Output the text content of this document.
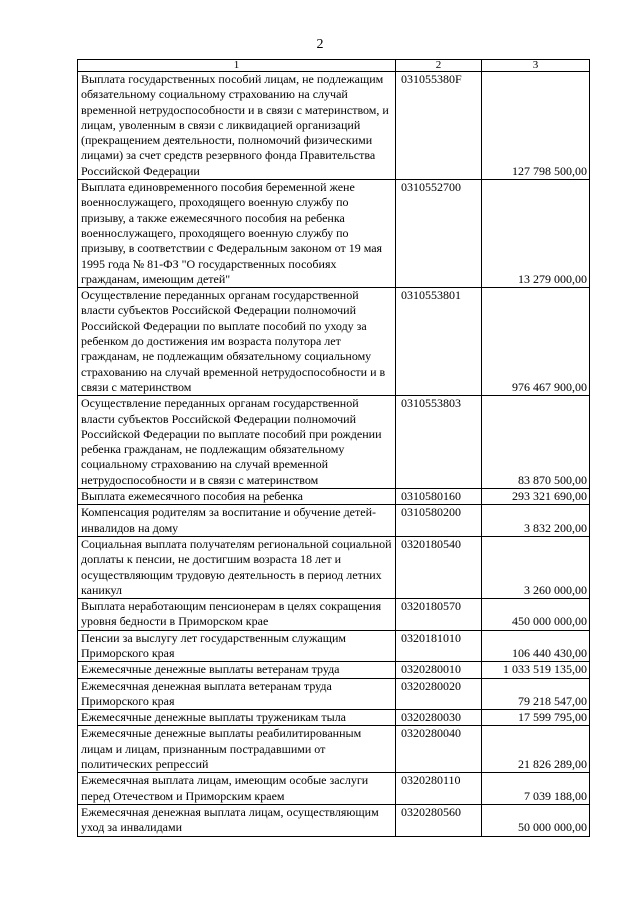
2
1	2	3
Выплата государственных пособий лицам, не подлежащим обязательному социальному страхованию на случай временной нетрудоспособности и в связи с материнством, и лицам, уволенным в связи с ликвидацией организаций (прекращением деятельности, полномочий физическими лицами) за счет средств резервного фонда Правительства Российской Федерации	031055380F	127 798 500,00
Выплата единовременного пособия беременной жене военнослужащего, проходящего военную службу по призыву, а также ежемесячного пособия на ребенка военнослужащего, проходящего военную службу по призыву, в соответствии с Федеральным законом от 19 мая 1995 года № 81-ФЗ "О государственных пособиях гражданам, имеющим детей"	0310552700	13 279 000,00
Осуществление переданных органам государственной власти субъектов Российской Федерации полномочий Российской Федерации по выплате пособий по уходу за ребенком до достижения им возраста полутора лет гражданам, не подлежащим обязательному социальному страхованию на случай временной нетрудоспособности и в связи с материнством	0310553801	976 467 900,00
Осуществление переданных органам государственной власти субъектов Российской Федерации полномочий Российской Федерации по выплате пособий при рождении ребенка гражданам, не подлежащим обязательному социальному страхованию на случай временной нетрудоспособности и в связи с материнством	0310553803	83 870 500,00
Выплата ежемесячного пособия на ребенка	0310580160	293 321 690,00
Компенсация родителям за воспитание и обучение детей-инвалидов на дому	0310580200	3 832 200,00
Социальная выплата получателям региональной социальной доплаты к пенсии, не достигшим возраста 18 лет и осуществляющим трудовую деятельность в период летних каникул	0320180540	3 260 000,00
Выплата неработающим пенсионерам в целях сокращения уровня бедности в Приморском крае	0320180570	450 000 000,00
Пенсии за выслугу лет государственным служащим Приморского края	0320181010	106 440 430,00
Ежемесячные денежные выплаты ветеранам труда	0320280010	1 033 519 135,00
Ежемесячная денежная выплата ветеранам труда Приморского края	0320280020	79 218 547,00
Ежемесячные денежные выплаты труженикам тыла	0320280030	17 599 795,00
Ежемесячные денежные выплаты реабилитированным лицам и лицам, признанным пострадавшими от политических репрессий	0320280040	21 826 289,00
Ежемесячная выплата лицам, имеющим особые заслуги перед Отечеством и Приморским краем	0320280110	7 039 188,00
Ежемесячная денежная выплата лицам, осуществляющим уход за инвалидами	0320280560	50 000 000,00
